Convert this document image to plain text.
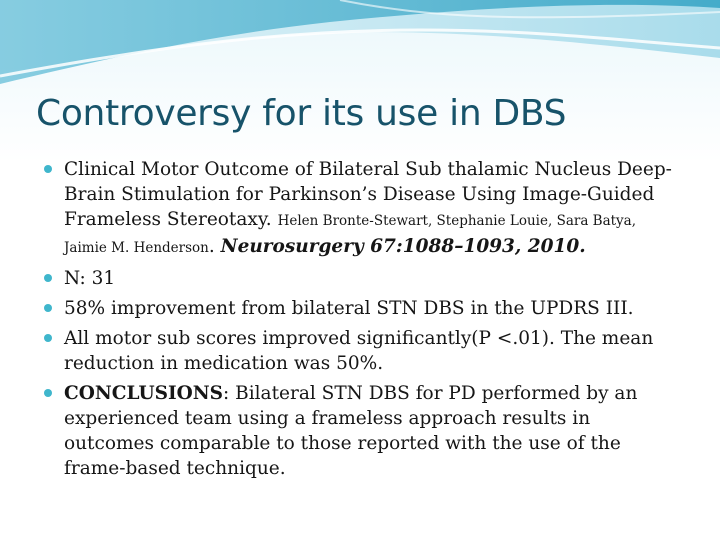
Controversy for its use in DBS
Clinical Motor Outcome of Bilateral Sub thalamic Nucleus Deep-Brain Stimulation for Parkinson’s Disease Using Image-Guided Frameless Stereotaxy. Helen Bronte-Stewart, Stephanie Louie, Sara Batya, Jaimie M. Henderson. Neurosurgery 67:1088–1093, 2010.
N: 31
58% improvement from bilateral STN DBS in the UPDRS III.
All motor sub scores improved significantly(P <.01). The mean reduction in medication was 50%.
CONCLUSIONS: Bilateral STN DBS for PD performed by an experienced team using a frameless approach results in outcomes comparable to those reported with the use of the frame-based technique.
